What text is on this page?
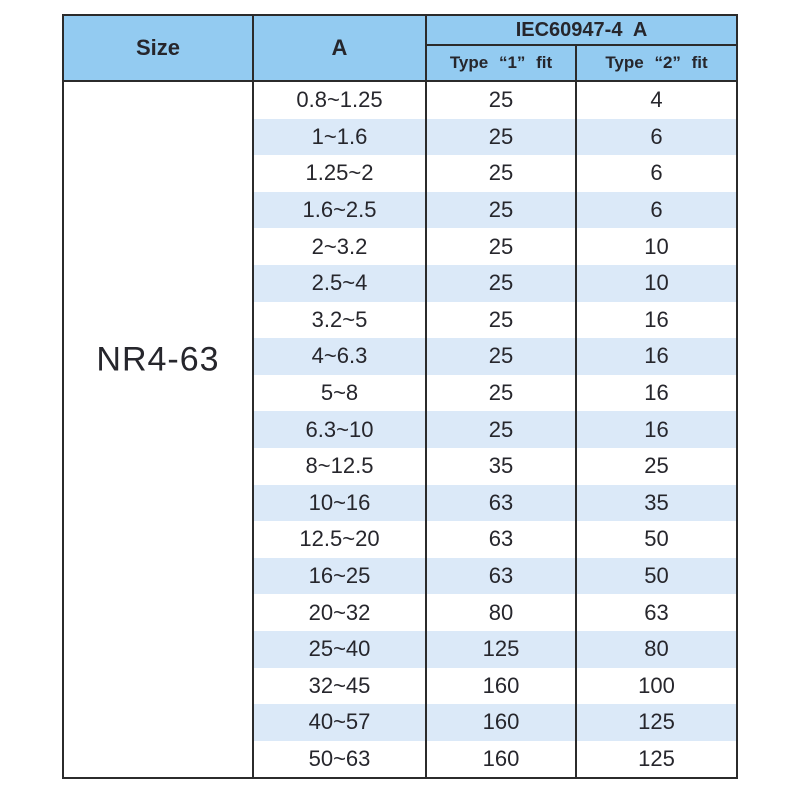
Size	A	IEC60947-4  A	
		Type “1” fit	Type “2” fit

NR4-63	0.8~1.25	25	4
	1~1.6	25	6
	1.25~2	25	6
	1.6~2.5	25	6
	2~3.2	25	10
	2.5~4	25	10
	3.2~5	25	16
	4~6.3	25	16
	5~8	25	16
	6.3~10	25	16
	8~12.5	35	25
	10~16	63	35
	12.5~20	63	50
	16~25	63	50
	20~32	80	63
	25~40	125	80
	32~45	160	100
	40~57	160	125
	50~63	160	125
